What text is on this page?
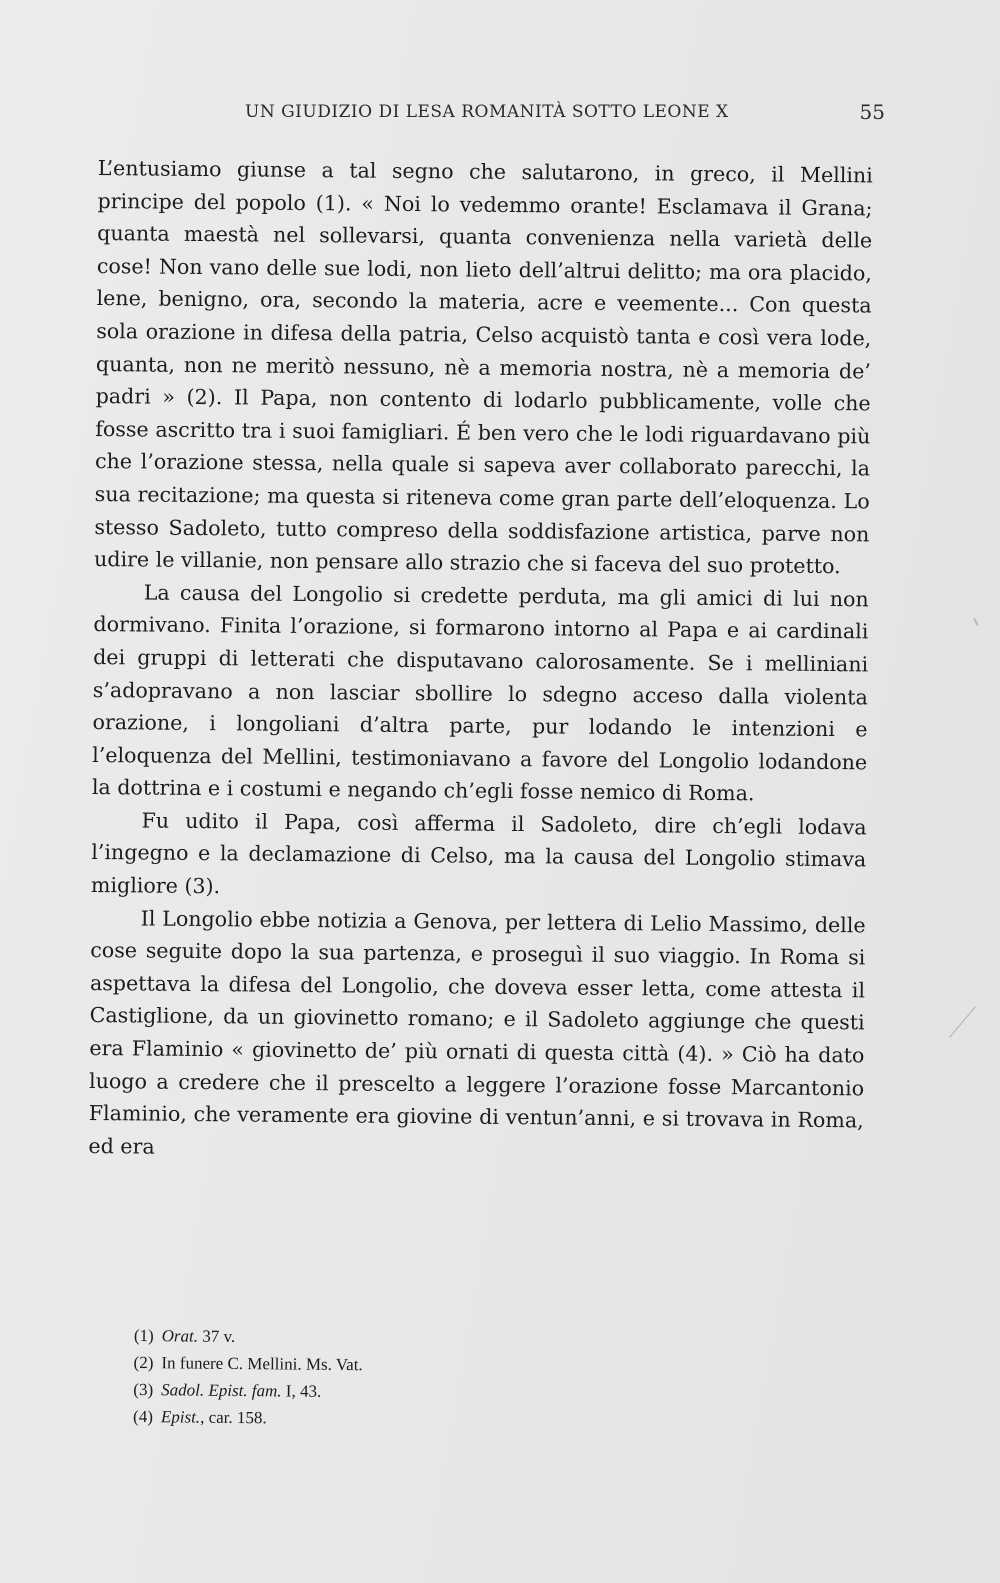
UN GIUDIZIO DI LESA ROMANITÀ SOTTO LEONE X	55

L’entusiamo giunse a tal segno che salutarono, in greco, il Mellini principe del popolo (1). « Noi lo vedemmo orante! Esclamava il Grana; quanta maestà nel sollevarsi, quanta convenienza nella varietà delle cose! Non vano delle sue lodi, non lieto dell’altrui delitto; ma ora placido, lene, benigno, ora, secondo la materia, acre e veemente... Con questa sola orazione in difesa della patria, Celso acquistò tanta e così vera lode, quanta, non ne meritò nessuno, nè a memoria nostra, nè a memoria de’ padri » (2). Il Papa, non contento di lodarlo pubblicamente, volle che fosse ascritto tra i suoi famigliari. É ben vero che le lodi riguardavano più che l’orazione stessa, nella quale si sapeva aver collaborato parecchi, la sua recitazione; ma questa si riteneva come gran parte dell’eloquenza. Lo stesso Sadoleto, tutto compreso della soddisfazione artistica, parve non udire le villanie, non pensare allo strazio che si faceva del suo protetto.

La causa del Longolio si credette perduta, ma gli amici di lui non dormivano. Finita l’orazione, si formarono intorno al Papa e ai cardinali dei gruppi di letterati che disputavano calorosamente. Se i melliniani s’adopravano a non lasciar sbollire lo sdegno acceso dalla violenta orazione, i longoliani d’altra parte, pur lodando le intenzioni e l’eloquenza del Mellini, testimoniavano a favore del Longolio lodandone la dottrina e i costumi e negando ch’egli fosse nemico di Roma.

Fu udito il Papa, così afferma il Sadoleto, dire ch’egli lodava l’ingegno e la declamazione di Celso, ma la causa del Longolio stimava migliore (3).

Il Longolio ebbe notizia a Genova, per lettera di Lelio Massimo, delle cose seguite dopo la sua partenza, e proseguì il suo viaggio. In Roma si aspettava la difesa del Longolio, che doveva esser letta, come attesta il Castiglione, da un giovinetto romano; e il Sadoleto aggiunge che questi era Flaminio « giovinetto de’ più ornati di questa città (4). » Ciò ha dato luogo a credere che il prescelto a leggere l’orazione fosse Marcantonio Flaminio, che veramente era giovine di ventun’anni, e si trovava in Roma, ed era

(1) Orat. 37 v.
(2) In funere C. Mellini. Ms. Vat.
(3) Sadol. Epist. fam. I, 43.
(4) Epist., car. 158.
